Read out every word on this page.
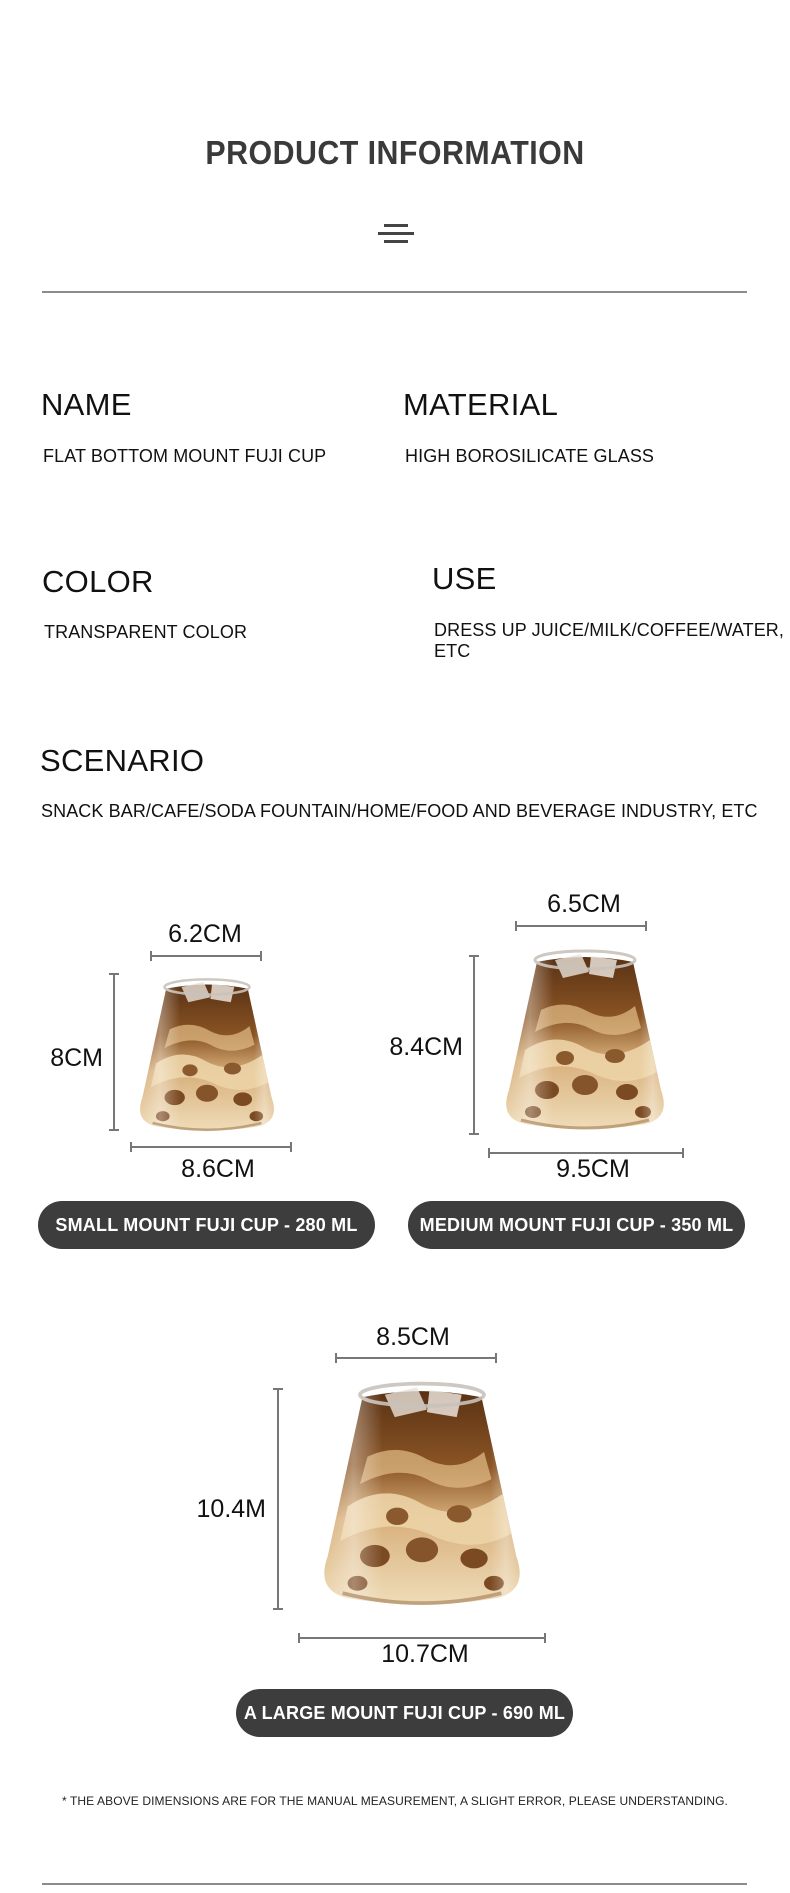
PRODUCT INFORMATION
NAME
FLAT BOTTOM MOUNT FUJI CUP
MATERIAL
HIGH BOROSILICATE GLASS
COLOR
TRANSPARENT COLOR
USE
DRESS UP JUICE/MILK/COFFEE/WATER, ETC
SCENARIO
SNACK BAR/CAFE/SODA FOUNTAIN/HOME/FOOD AND BEVERAGE INDUSTRY, ETC
6.2CM
8CM
8.6CM
SMALL MOUNT FUJI CUP - 280 ML
6.5CM
8.4CM
9.5CM
MEDIUM MOUNT FUJI CUP - 350 ML
8.5CM
10.4M
10.7CM
A LARGE MOUNT FUJI CUP - 690 ML
* THE ABOVE DIMENSIONS ARE FOR THE MANUAL MEASUREMENT, A SLIGHT ERROR, PLEASE UNDERSTANDING.
